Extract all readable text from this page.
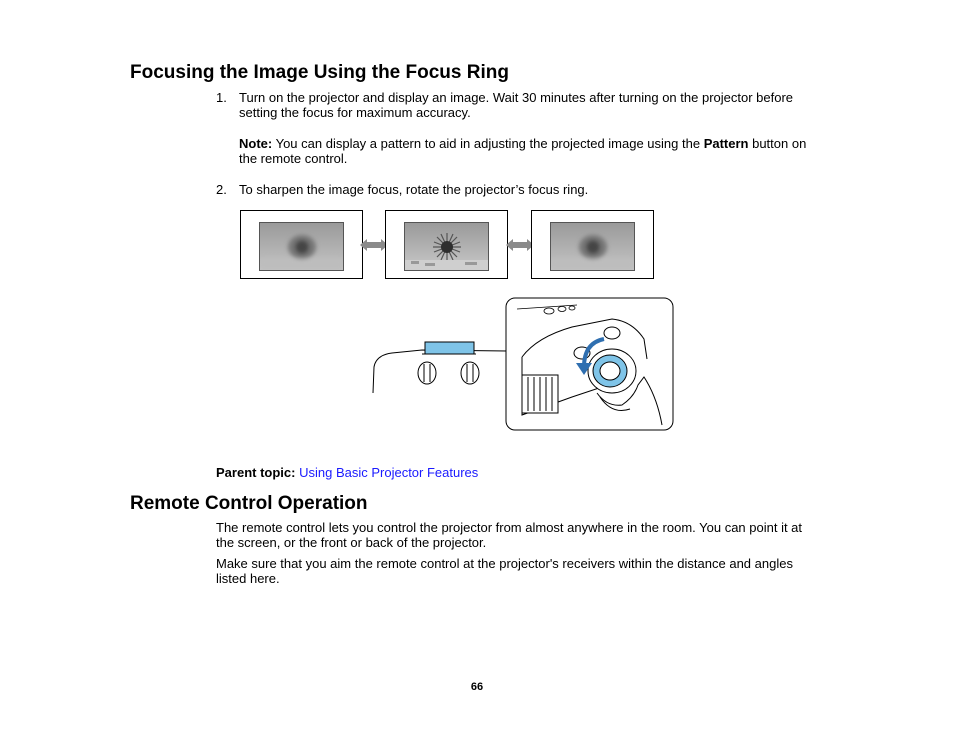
Focusing the Image Using the Focus Ring
1. Turn on the projector and display an image. Wait 30 minutes after turning on the projector before

setting the focus for maximum accuracy.

Note: You can display a pattern to aid in adjusting the projected image using the Pattern button on

the remote control.

2. To sharpen the image focus, rotate the projector’s focus ring.

Parent topic: Using Basic Projector Features

Remote Control Operation

The remote control lets you control the projector from almost anywhere in the room. You can point it at

the screen, or the front or back of the projector.

Make sure that you aim the remote control at the projector's receivers within the distance and angles

listed here.

66
